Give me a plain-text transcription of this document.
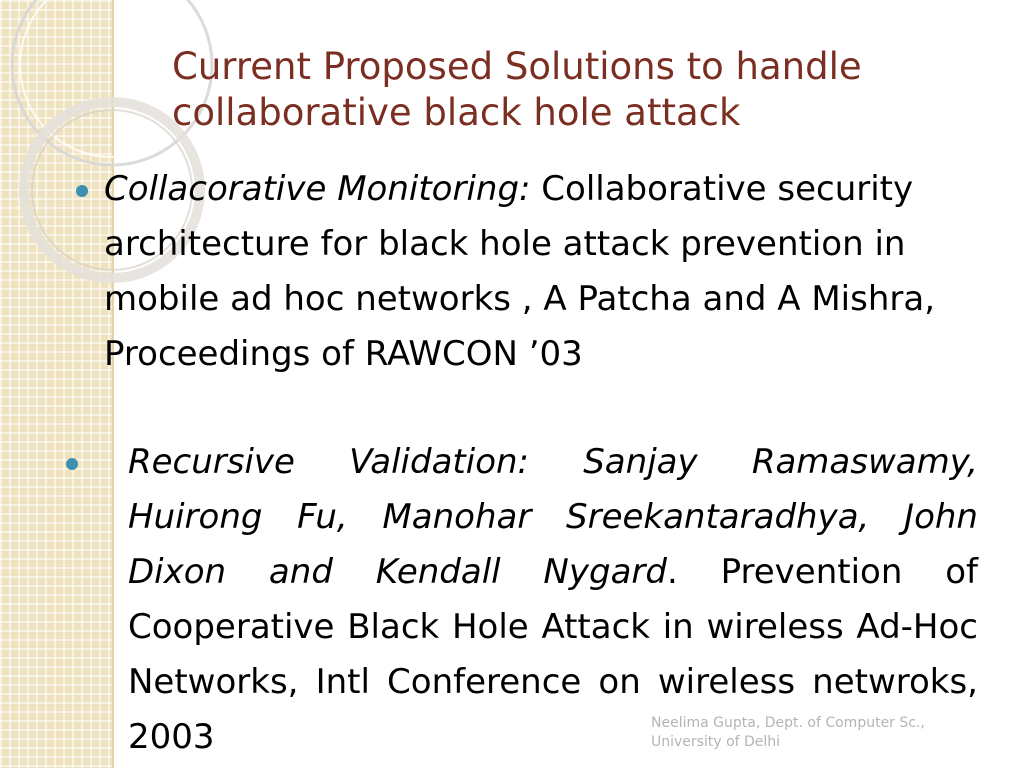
Current Proposed Solutions to handle
collaborative black hole attack

Collacorative Monitoring: Collaborative security architecture for black hole attack prevention in mobile ad hoc networks , A Patcha and A Mishra, Proceedings of RAWCON ’03

Recursive Validation: Sanjay Ramaswamy, Huirong Fu, Manohar Sreekantaradhya, John Dixon and Kendall Nygard. Prevention of Cooperative Black Hole Attack in wireless Ad-Hoc Networks, Intl Conference on wireless netwroks, 2003	Neelima Gupta, Dept. of Computer Sc.,
University of Delhi
